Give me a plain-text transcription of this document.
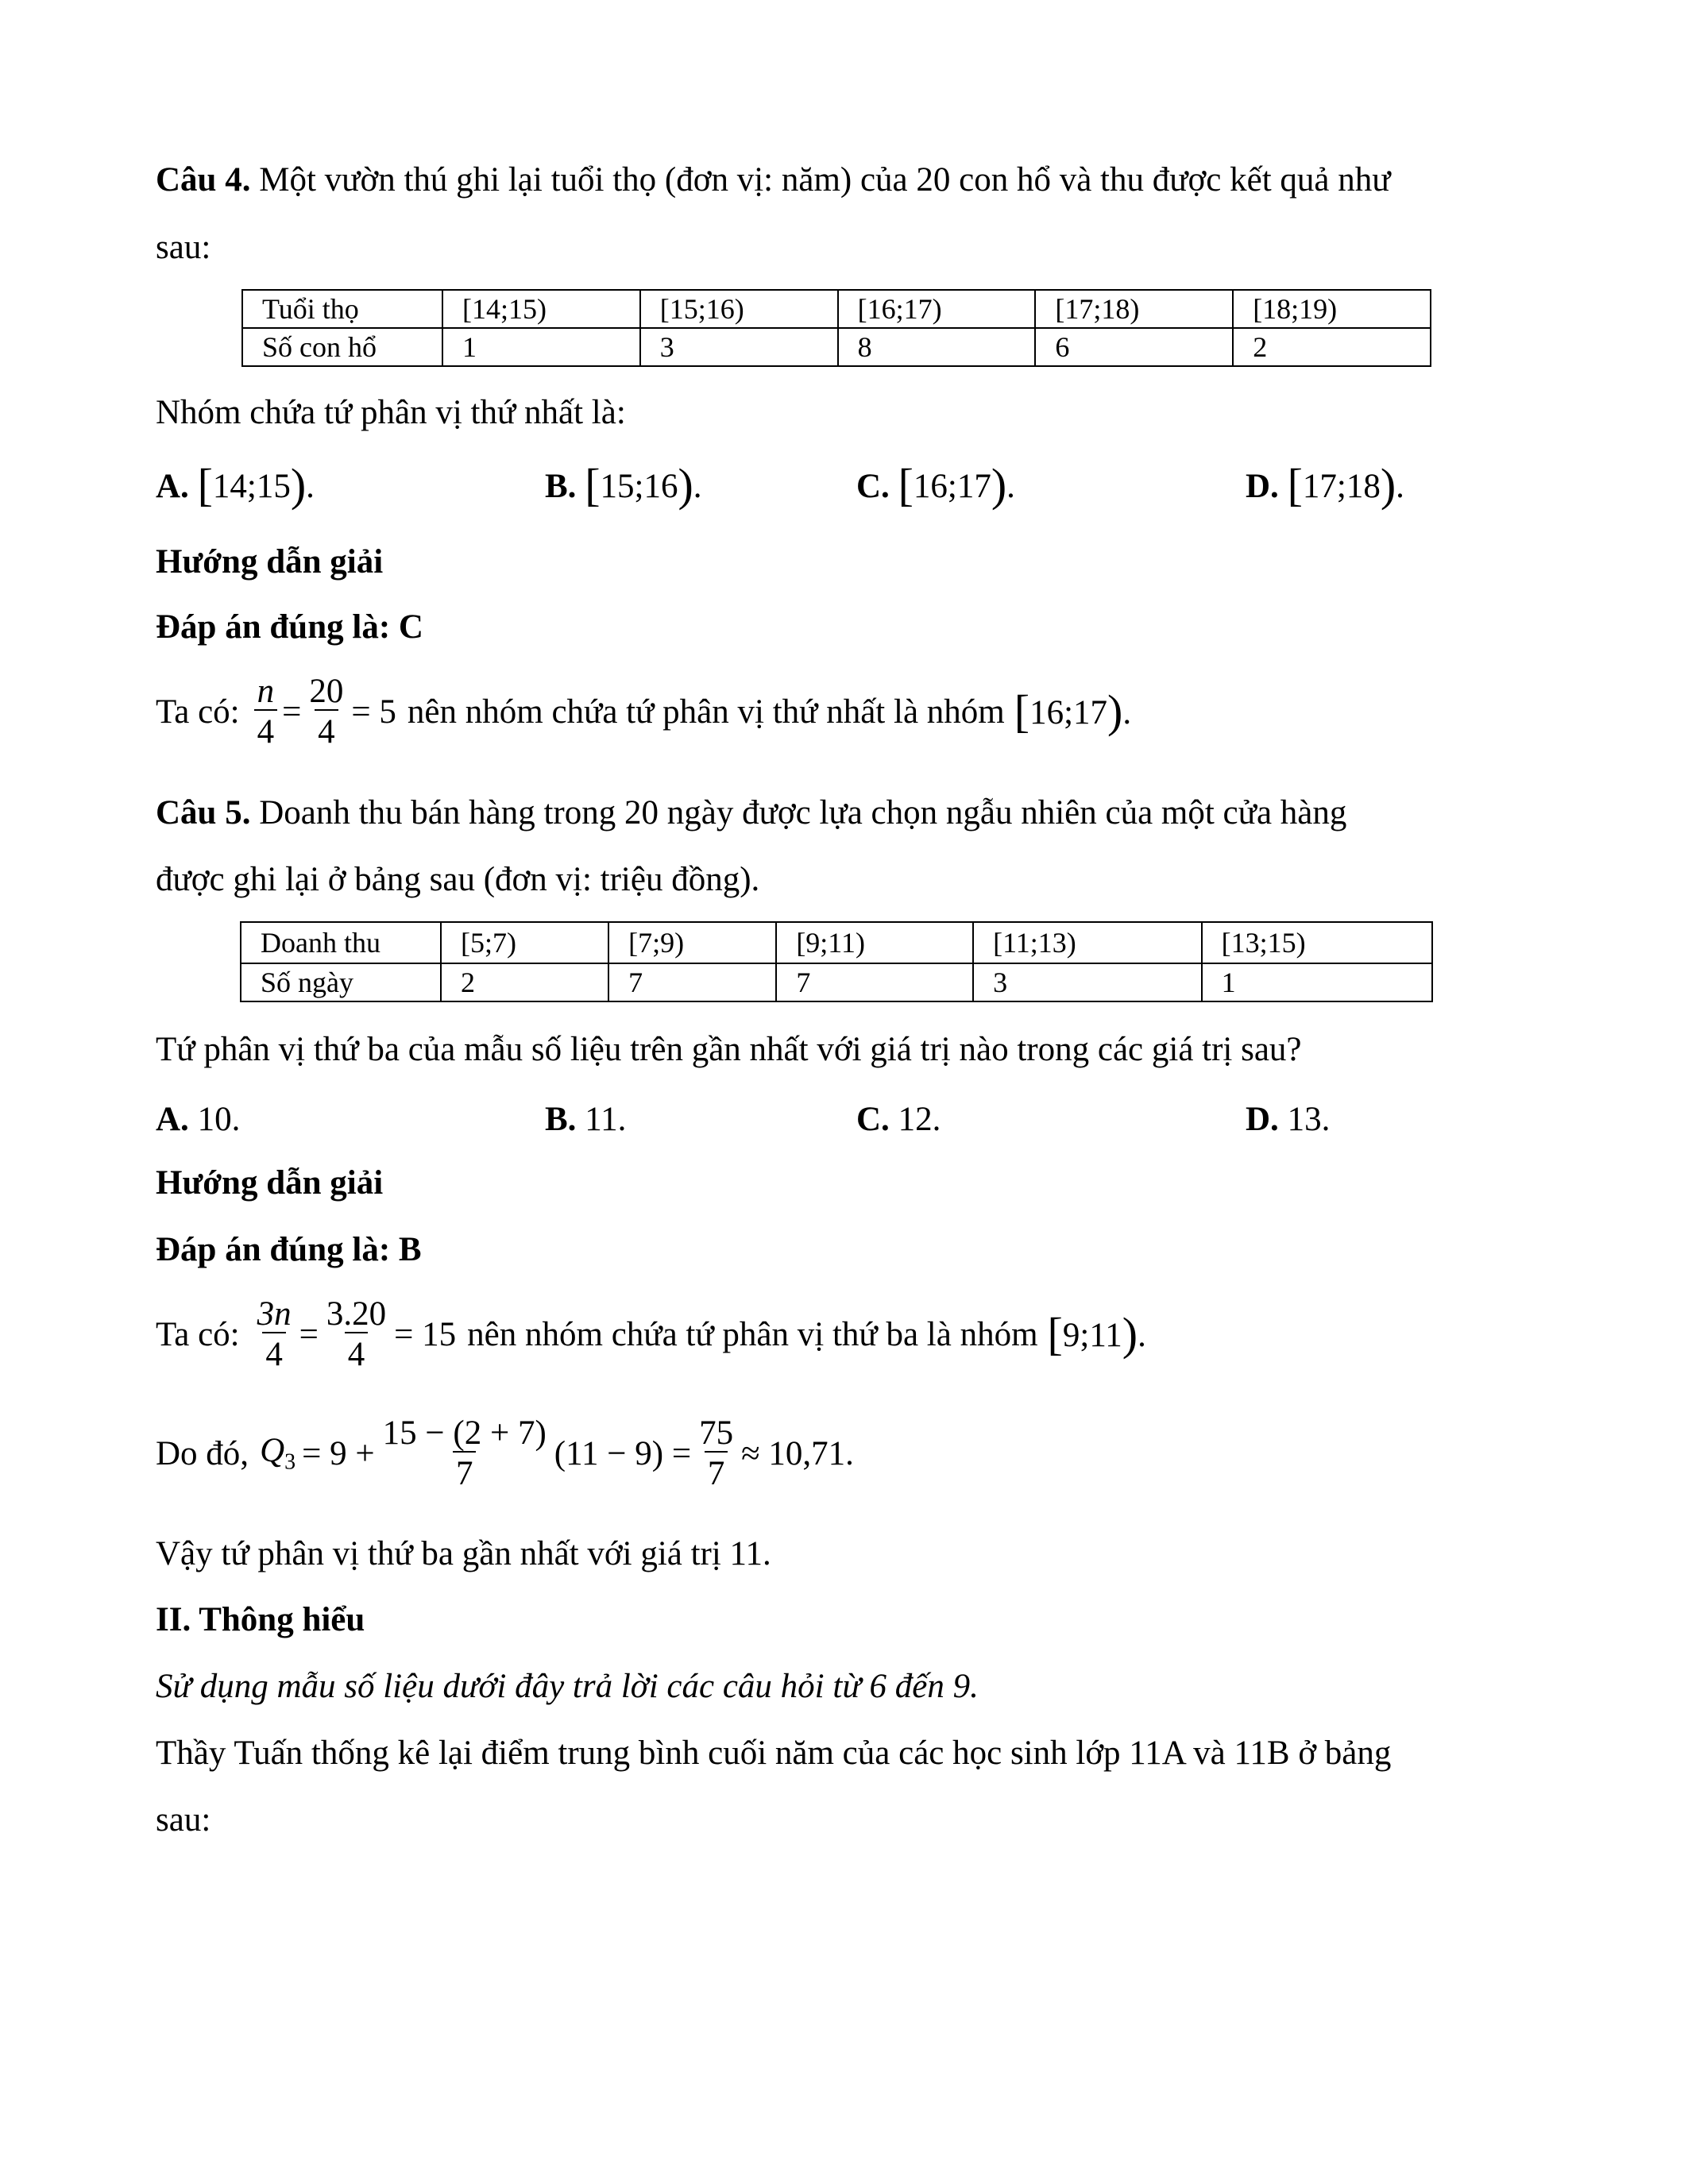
Câu 4. Một vườn thú ghi lại tuổi thọ (đơn vị: năm) của 20 con hổ và thu được kết quả như
sau:
Tuổi thọ	[14;15)	[15;16)	[16;17)	[17;18)	[18;19)
Số con hổ	1	3	8	6	2
Nhóm chứa tứ phân vị thứ nhất là:
A. [14;15).	B. [15;16).	C. [16;17).	D. [17;18).
Hướng dẫn giải
Đáp án đúng là: C
Ta có: $\frac{n}{4} = \frac{20}{4} = 5$ nên nhóm chứa tứ phân vị thứ nhất là nhóm [16;17).
Câu 5. Doanh thu bán hàng trong 20 ngày được lựa chọn ngẫu nhiên của một cửa hàng
được ghi lại ở bảng sau (đơn vị: triệu đồng).
Doanh thu	[5;7)	[7;9)	[9;11)	[11;13)	[13;15)
Số ngày	2	7	7	3	1
Tứ phân vị thứ ba của mẫu số liệu trên gần nhất với giá trị nào trong các giá trị sau?
A. 10.	B. 11.	C. 12.	D. 13.
Hướng dẫn giải
Đáp án đúng là: B
Ta có: $\frac{3n}{4} = \frac{3.20}{4} = 15$ nên nhóm chứa tứ phân vị thứ ba là nhóm [9;11).
Do đó, $Q_3 = 9 + \frac{15 - (2 + 7)}{7} (11 - 9) = \frac{75}{7} \approx 10,71$.
Vậy tứ phân vị thứ ba gần nhất với giá trị 11.
II. Thông hiểu
Sử dụng mẫu số liệu dưới đây trả lời các câu hỏi từ 6 đến 9.
Thầy Tuấn thống kê lại điểm trung bình cuối năm của các học sinh lớp 11A và 11B ở bảng
sau:
